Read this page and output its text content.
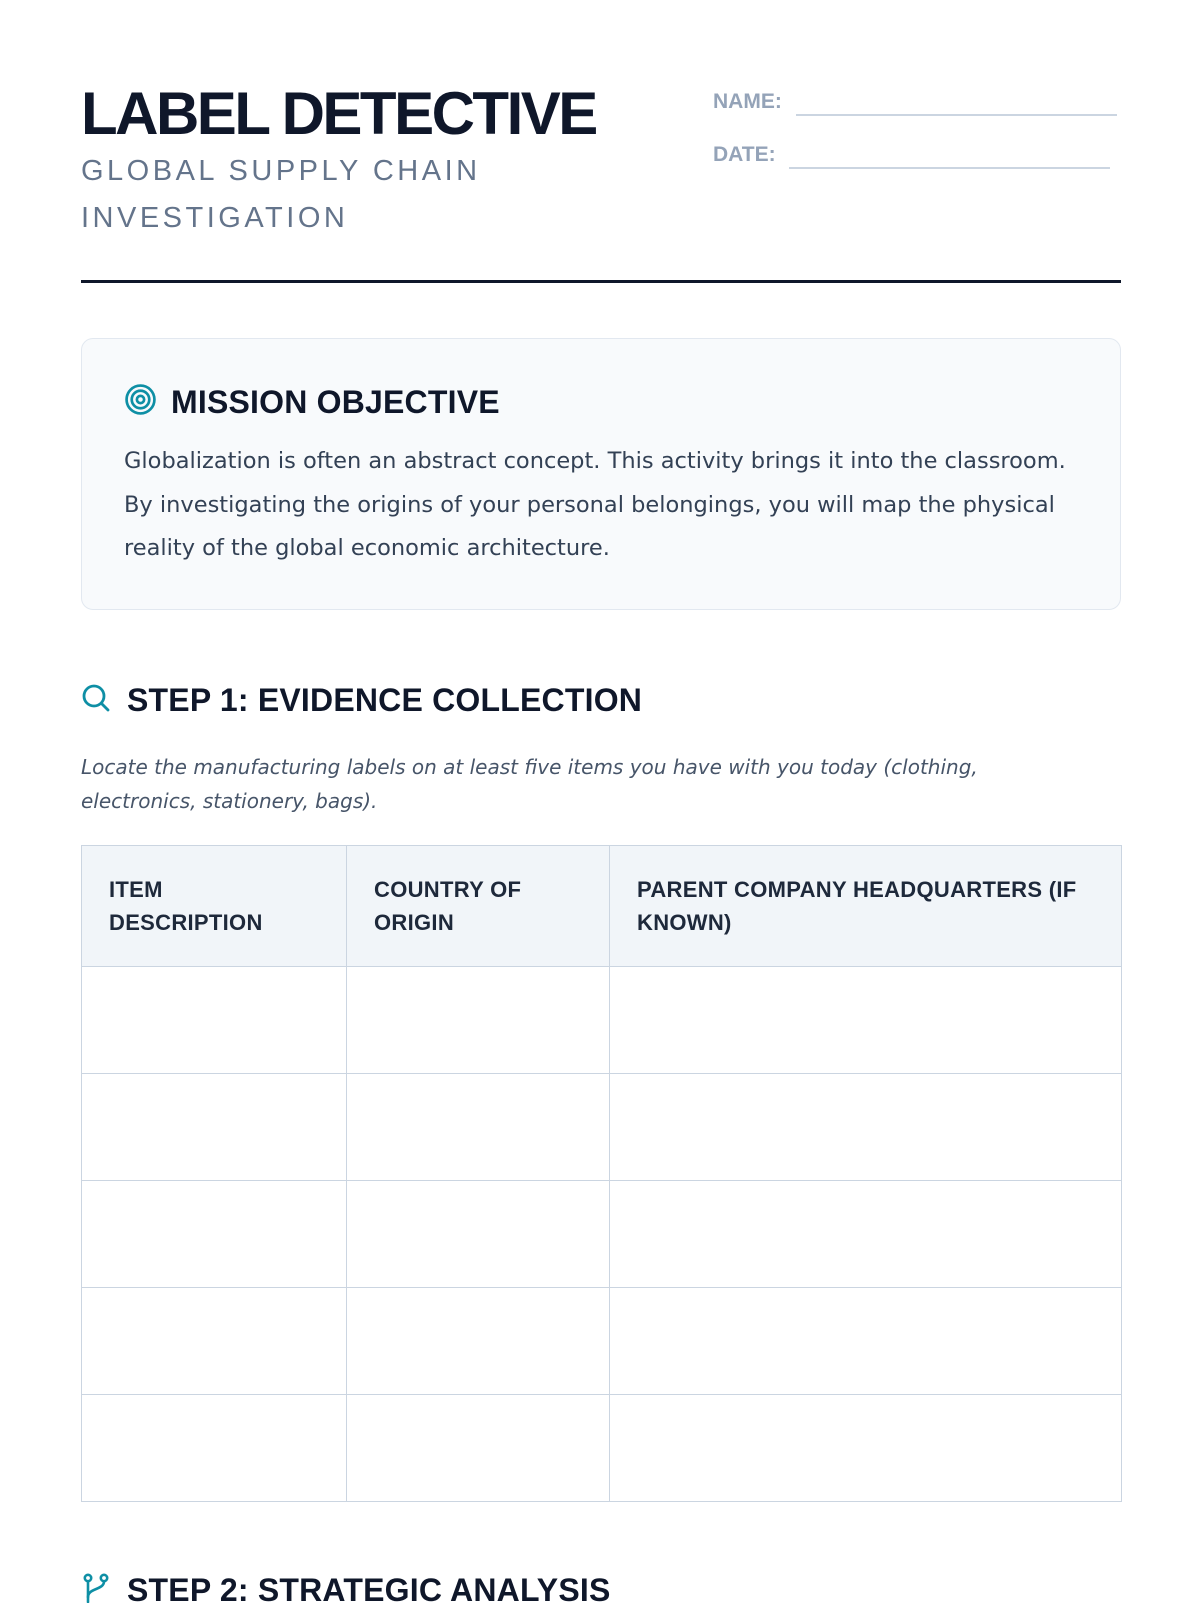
LABEL DETECTIVE

GLOBAL SUPPLY CHAIN INVESTIGATION

NAME:
DATE:
MISSION OBJECTIVE

Globalization is often an abstract concept. This activity brings it into the classroom. By investigating the origins of your personal belongings, you will map the physical reality of the global economic architecture.

STEP 1: EVIDENCE COLLECTION

Locate the manufacturing labels on at least five items you have with you today (clothing, electronics, stationery, bags).

ITEM DESCRIPTION	COUNTRY OF ORIGIN	PARENT COMPANY HEADQUARTERS (IF KNOWN)

STEP 2: STRATEGIC ANALYSIS
